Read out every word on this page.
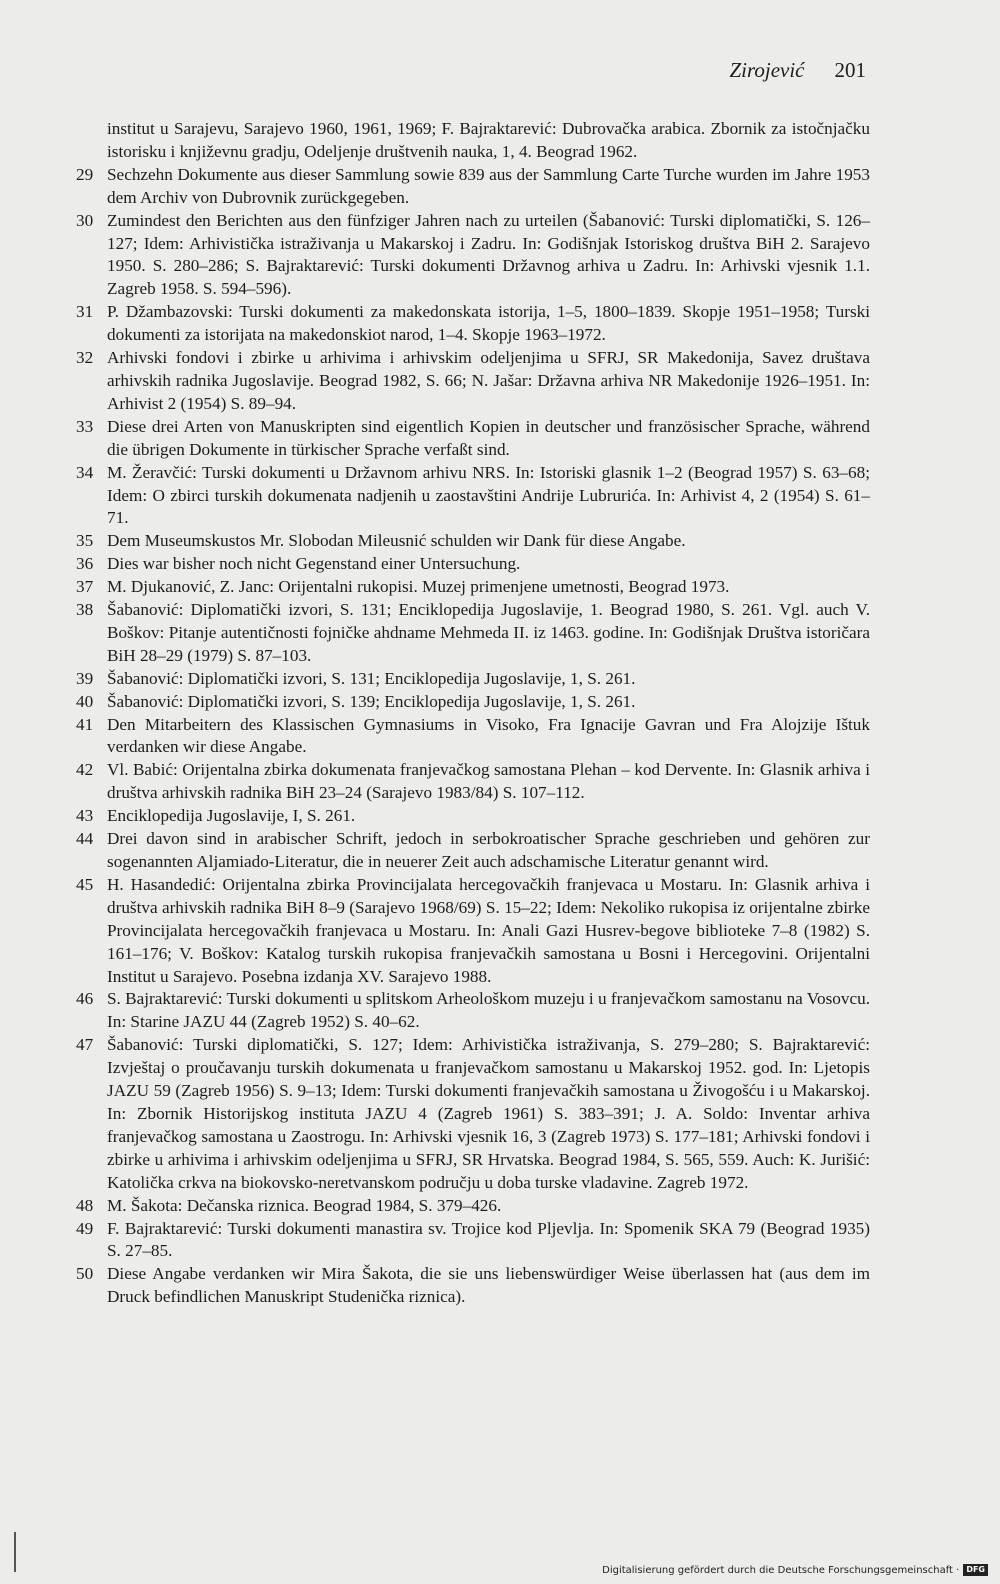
Zirojević 201
institut u Sarajevu, Sarajevo 1960, 1961, 1969; F. Bajraktarević: Dubrovačka arabica. Zbornik za istočnjačku istorisku i književnu gradju, Odeljenje društvenih nauka, 1, 4. Beograd 1962.
29 Sechzehn Dokumente aus dieser Sammlung sowie 839 aus der Sammlung Carte Turche wurden im Jahre 1953 dem Archiv von Dubrovnik zurückgegeben.
30 Zumindest den Berichten aus den fünfziger Jahren nach zu urteilen (Šabanović: Turski diplomatički, S. 126–127; Idem: Arhivistička istraživanja u Makarskoj i Zadru. In: Godišnjak Istoriskog društva BiH 2. Sarajevo 1950. S. 280–286; S. Bajraktarević: Turski dokumenti Državnog arhiva u Zadru. In: Arhivski vjesnik 1.1. Zagreb 1958. S. 594–596).
31 P. Džambazovski: Turski dokumenti za makedonskata istorija, 1–5, 1800–1839. Skopje 1951–1958; Turski dokumenti za istorijata na makedonskiot narod, 1–4. Skopje 1963–1972.
32 Arhivski fondovi i zbirke u arhivima i arhivskim odeljenjima u SFRJ, SR Makedonija, Savez društava arhivskih radnika Jugoslavije. Beograd 1982, S. 66; N. Jašar: Državna arhiva NR Makedonije 1926–1951. In: Arhivist 2 (1954) S. 89–94.
33 Diese drei Arten von Manuskripten sind eigentlich Kopien in deutscher und französischer Sprache, während die übrigen Dokumente in türkischer Sprache verfaßt sind.
34 M. Žeravčić: Turski dokumenti u Državnom arhivu NRS. In: Istoriski glasnik 1–2 (Beograd 1957) S. 63–68; Idem: O zbirci turskih dokumenata nadjenih u zaostavštini Andrije Lubrurića. In: Arhivist 4, 2 (1954) S. 61–71.
35 Dem Museumskustos Mr. Slobodan Mileusnić schulden wir Dank für diese Angabe.
36 Dies war bisher noch nicht Gegenstand einer Untersuchung.
37 M. Djukanović, Z. Janc: Orijentalni rukopisi. Muzej primenjene umetnosti, Beograd 1973.
38 Šabanović: Diplomatički izvori, S. 131; Enciklopedija Jugoslavije, 1. Beograd 1980, S. 261. Vgl. auch V. Boškov: Pitanje autentičnosti fojničke ahdname Mehmeda II. iz 1463. godine. In: Godišnjak Društva istoričara BiH 28–29 (1979) S. 87–103.
39 Šabanović: Diplomatički izvori, S. 131; Enciklopedija Jugoslavije, 1, S. 261.
40 Šabanović: Diplomatički izvori, S. 139; Enciklopedija Jugoslavije, 1, S. 261.
41 Den Mitarbeitern des Klassischen Gymnasiums in Visoko, Fra Ignacije Gavran und Fra Alojzije Ištuk verdanken wir diese Angabe.
42 Vl. Babić: Orijentalna zbirka dokumenata franjevačkog samostana Plehan – kod Dervente. In: Glasnik arhiva i društva arhivskih radnika BiH 23–24 (Sarajevo 1983/84) S. 107–112.
43 Enciklopedija Jugoslavije, I, S. 261.
44 Drei davon sind in arabischer Schrift, jedoch in serbokroatischer Sprache geschrieben und gehören zur sogenannten Aljamiado-Literatur, die in neuerer Zeit auch adschamische Literatur genannt wird.
45 H. Hasandedić: Orijentalna zbirka Provincijalata hercegovačkih franjevaca u Mostaru. In: Glasnik arhiva i društva arhivskih radnika BiH 8–9 (Sarajevo 1968/69) S. 15–22; Idem: Nekoliko rukopisa iz orijentalne zbirke Provincijalata hercegovačkih franjevaca u Mostaru. In: Anali Gazi Husrev-begove biblioteke 7–8 (1982) S. 161–176; V. Boškov: Katalog turskih rukopisa franjevačkih samostana u Bosni i Hercegovini. Orijentalni Institut u Sarajevo. Posebna izdanja XV. Sarajevo 1988.
46 S. Bajraktarević: Turski dokumenti u splitskom Arheološkom muzeju i u franjevačkom samostanu na Vosovcu. In: Starine JAZU 44 (Zagreb 1952) S. 40–62.
47 Šabanović: Turski diplomatički, S. 127; Idem: Arhivistička istraživanja, S. 279–280; S. Bajraktarević: Izvještaj o proučavanju turskih dokumenata u franjevačkom samostanu u Makarskoj 1952. god. In: Ljetopis JAZU 59 (Zagreb 1956) S. 9–13; Idem: Turski dokumenti franjevačkih samostana u Živogošću i u Makarskoj. In: Zbornik Historijskog instituta JAZU 4 (Zagreb 1961) S. 383–391; J. A. Soldo: Inventar arhiva franjevačkog samostana u Zaostrogu. In: Arhivski vjesnik 16, 3 (Zagreb 1973) S. 177–181; Arhivski fondovi i zbirke u arhivima i arhivskim odeljenjima u SFRJ, SR Hrvatska. Beograd 1984, S. 565, 559. Auch: K. Jurišić: Katolička crkva na biokovsko-neretvanskom području u doba turske vladavine. Zagreb 1972.
48 M. Šakota: Dečanska riznica. Beograd 1984, S. 379–426.
49 F. Bajraktarević: Turski dokumenti manastira sv. Trojice kod Pljevlja. In: Spomenik SKA 79 (Beograd 1935) S. 27–85.
50 Diese Angabe verdanken wir Mira Šakota, die sie uns liebenswürdiger Weise überlassen hat (aus dem im Druck befindlichen Manuskript Studenička riznica).
Digitalisierung gefördert durch die Deutsche Forschungsgemeinschaft · DFG
